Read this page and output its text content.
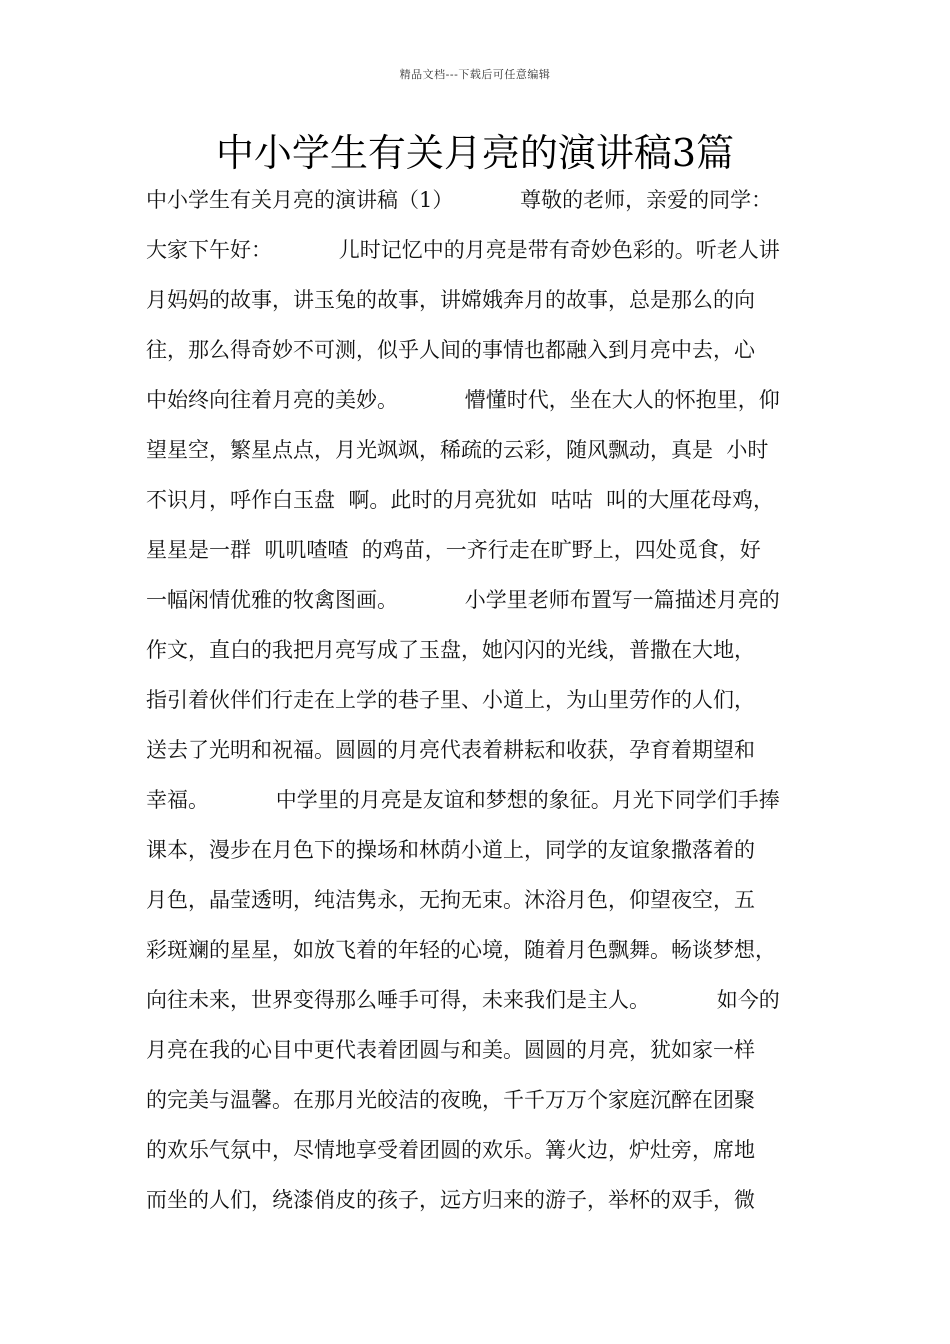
精品文档---下载后可任意编辑
中小学生有关月亮的演讲稿3篇
中小学生有关月亮的演讲稿（1）          尊敬的老师，亲爱的同学：
大家下午好：          儿时记忆中的月亮是带有奇妙色彩的。听老人讲
月妈妈的故事，讲玉兔的故事，讲嫦娥奔月的故事，总是那么的向
往，那么得奇妙不可测，似乎人间的事情也都融入到月亮中去，心
中始终向往着月亮的美妙。          懵懂时代，坐在大人的怀抱里，仰
望星空，繁星点点，月光飒飒，稀疏的云彩，随风飘动，真是  小时
不识月，呼作白玉盘  啊。此时的月亮犹如  咕咕  叫的大厘花母鸡，
星星是一群  叽叽喳喳  的鸡苗，一齐行走在旷野上，四处觅食，好
一幅闲情优雅的牧禽图画。          小学里老师布置写一篇描述月亮的
作文，直白的我把月亮写成了玉盘，她闪闪的光线，普撒在大地，
指引着伙伴们行走在上学的巷子里、小道上，为山里劳作的人们，
送去了光明和祝福。圆圆的月亮代表着耕耘和收获，孕育着期望和
幸福。          中学里的月亮是友谊和梦想的象征。月光下同学们手捧
课本，漫步在月色下的操场和林荫小道上，同学的友谊象撒落着的
月色，晶莹透明，纯洁隽永，无拘无束。沐浴月色，仰望夜空，五
彩斑斓的星星，如放飞着的年轻的心境，随着月色飘舞。畅谈梦想，
向往未来，世界变得那么唾手可得，未来我们是主人。          如今的
月亮在我的心目中更代表着团圆与和美。圆圆的月亮，犹如家一样
的完美与温馨。在那月光皎洁的夜晚，千千万万个家庭沉醉在团聚
的欢乐气氛中，尽情地享受着团圆的欢乐。篝火边，炉灶旁，席地
而坐的人们，绕漆俏皮的孩子，远方归来的游子，举杯的双手，微
